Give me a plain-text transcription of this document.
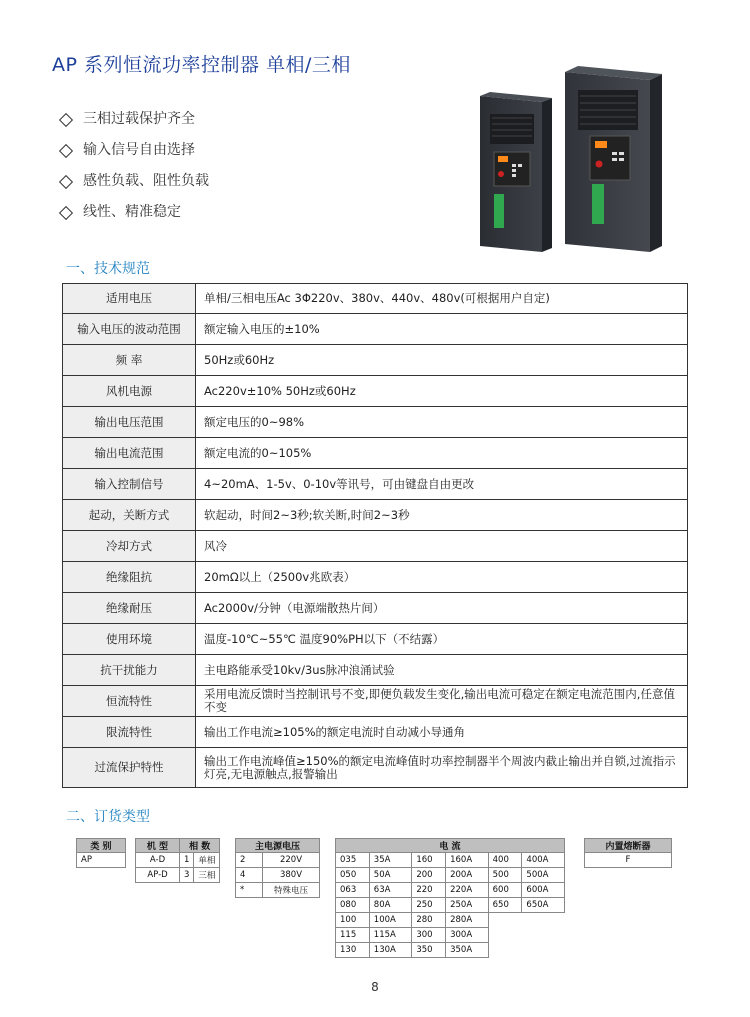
AP 系列恒流功率控制器 单相/三相
三相过载保护齐全
输入信号自由选择
感性负载、阻性负载
线性、精准稳定
一、技术规范
适用电压	单相/三相电压Ac 3Φ220v、380v、440v、480v(可根据用户自定)
输入电压的波动范围	额定输入电压的±10%
频 率	50Hz或60Hz
风机电源	Ac220v±10% 50Hz或60Hz
输出电压范围	额定电压的0~98%
输出电流范围	额定电流的0~105%
输入控制信号	4~20mA、1-5v、0-10v等讯号，可由键盘自由更改
起动，关断方式	软起动，时间2~3秒;软关断,时间2~3秒
冷却方式	风冷
绝缘阻抗	20mΩ以上（2500v兆欧表）
绝缘耐压	Ac2000v/分钟（电源端散热片间）
使用环境	温度-10℃~55℃ 温度90%PH以下（不结露）
抗干扰能力	主电路能承受10kv/3us脉冲浪涌试验
恒流特性	采用电流反馈时当控制讯号不变,即便负载发生变化,输出电流可稳定在额定电流范围内,任意值不变
限流特性	输出工作电流≥105%的额定电流时自动减小导通角
过流保护特性	输出工作电流峰值≥150%的额定电流峰值时功率控制器半个周波内截止输出并自锁,过流指示灯亮,无电源触点,报警输出
二、订货类型
类 别
AP
机 型	相 数	
A-D	1	单相
AP-D	3	三相
主电源电压	
2	220V
4	380V
*	特殊电压
电 流					
035	35A	160	160A	400	400A
050	50A	200	200A	500	500A
063	63A	220	220A	600	600A
080	80A	250	250A	650	650A
100	100A	280	280A		
115	115A	300	300A		
130	130A	350	350A		
内置熔断器
F
8
